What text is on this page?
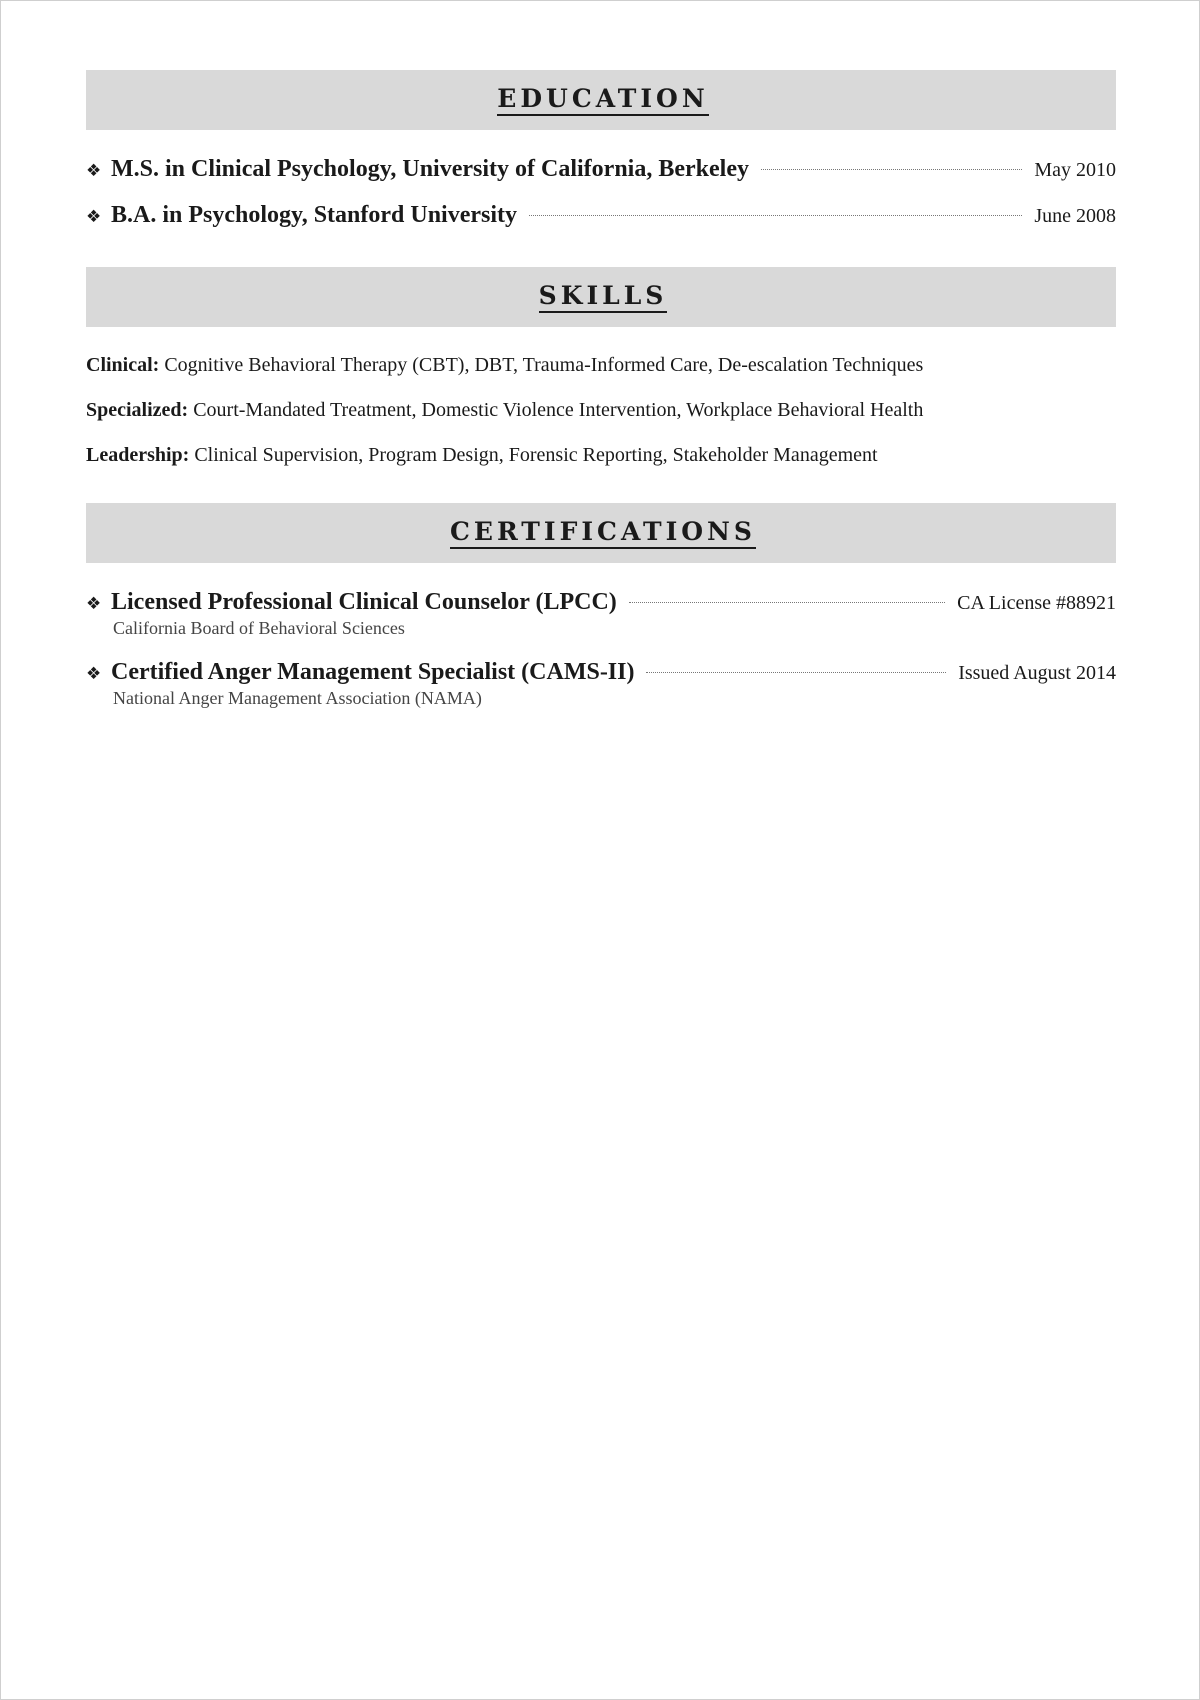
EDUCATION
❖ M.S. in Clinical Psychology, University of California, Berkeley	May 2010
❖ B.A. in Psychology, Stanford University	June 2008
SKILLS
Clinical: Cognitive Behavioral Therapy (CBT), DBT, Trauma-Informed Care, De-escalation Techniques
Specialized: Court-Mandated Treatment, Domestic Violence Intervention, Workplace Behavioral Health
Leadership: Clinical Supervision, Program Design, Forensic Reporting, Stakeholder Management
CERTIFICATIONS
❖ Licensed Professional Clinical Counselor (LPCC)	CA License #88921
California Board of Behavioral Sciences
❖ Certified Anger Management Specialist (CAMS-II)	Issued August 2014
National Anger Management Association (NAMA)
